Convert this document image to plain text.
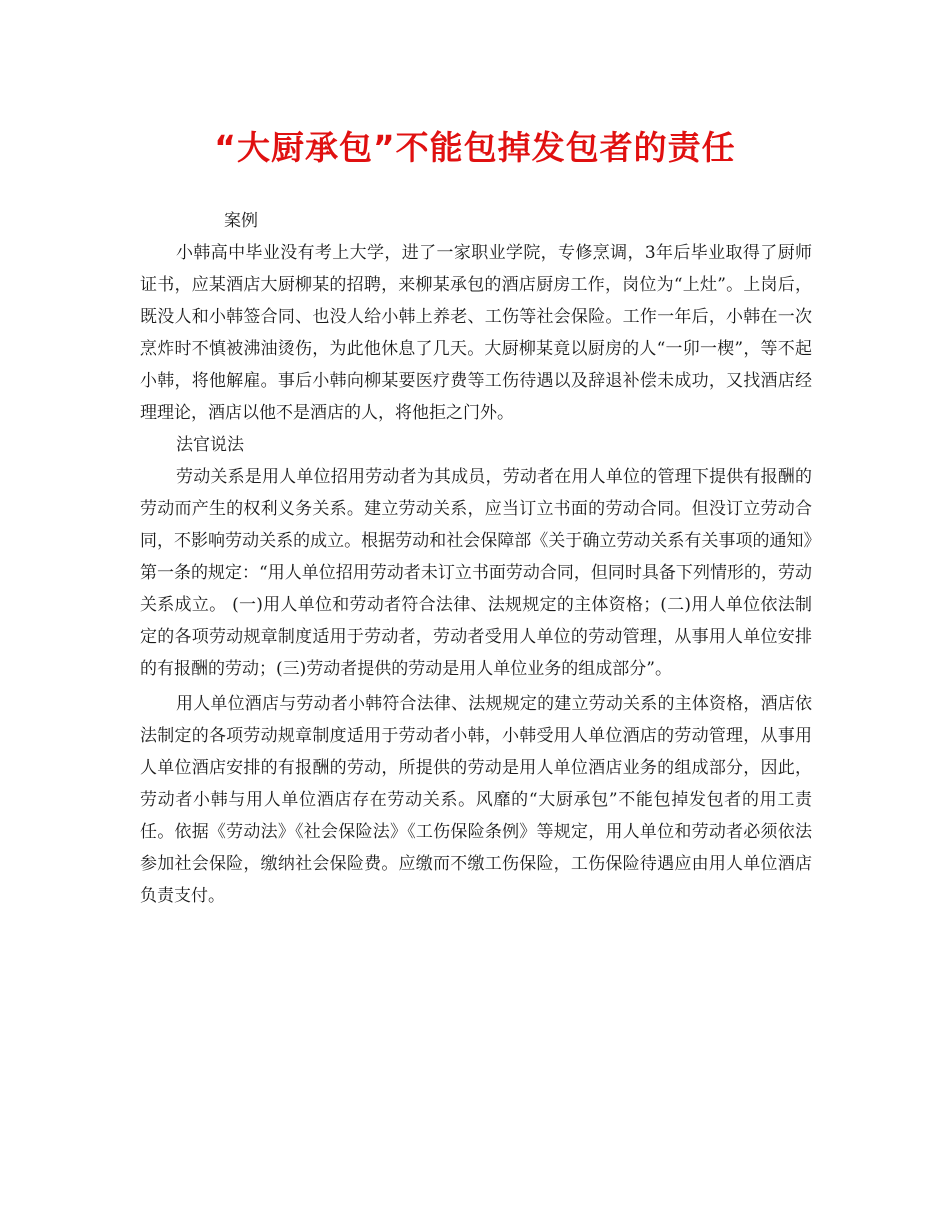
“大厨承包”不能包掉发包者的责任

案例

小韩高中毕业没有考上大学，进了一家职业学院，专修烹调，3年后毕业取得了厨师证书，应某酒店大厨柳某的招聘，来柳某承包的酒店厨房工作，岗位为“上灶”。上岗后，既没人和小韩签合同、也没人给小韩上养老、工伤等社会保险。工作一年后，小韩在一次烹炸时不慎被沸油烫伤，为此他休息了几天。大厨柳某竟以厨房的人“一卯一楔”，等不起小韩，将他解雇。事后小韩向柳某要医疗费等工伤待遇以及辞退补偿未成功，又找酒店经理理论，酒店以他不是酒店的人，将他拒之门外。

法官说法

劳动关系是用人单位招用劳动者为其成员，劳动者在用人单位的管理下提供有报酬的劳动而产生的权利义务关系。建立劳动关系，应当订立书面的劳动合同。但没订立劳动合同，不影响劳动关系的成立。根据劳动和社会保障部《关于确立劳动关系有关事项的通知》第一条的规定：“用人单位招用劳动者未订立书面劳动合同，但同时具备下列情形的，劳动关系成立。 (一)用人单位和劳动者符合法律、法规规定的主体资格；(二)用人单位依法制定的各项劳动规章制度适用于劳动者，劳动者受用人单位的劳动管理，从事用人单位安排的有报酬的劳动；(三)劳动者提供的劳动是用人单位业务的组成部分”。

用人单位酒店与劳动者小韩符合法律、法规规定的建立劳动关系的主体资格，酒店依法制定的各项劳动规章制度适用于劳动者小韩，小韩受用人单位酒店的劳动管理，从事用人单位酒店安排的有报酬的劳动，所提供的劳动是用人单位酒店业务的组成部分，因此，劳动者小韩与用人单位酒店存在劳动关系。风靡的“大厨承包”不能包掉发包者的用工责任。依据《劳动法》《社会保险法》《工伤保险条例》等规定，用人单位和劳动者必须依法参加社会保险，缴纳社会保险费。应缴而不缴工伤保险，工伤保险待遇应由用人单位酒店负责支付。
